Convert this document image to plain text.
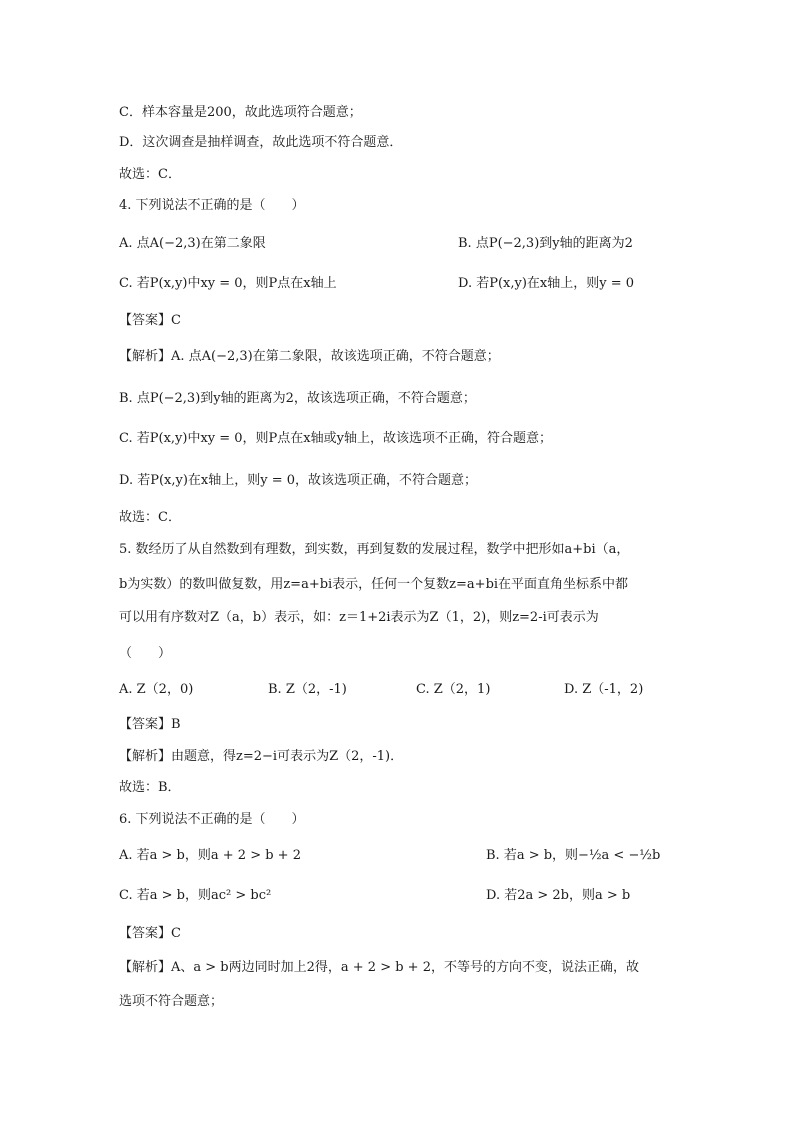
C．样本容量是200，故此选项符合题意；
D．这次调查是抽样调查，故此选项不符合题意．
故选：C．
4. 下列说法不正确的是（　　）
A. 点A(−2,3)在第二象限	B. 点P(−2,3)到y轴的距离为2
C. 若P(x,y)中xy = 0，则P点在x轴上	D. 若P(x,y)在x轴上，则y = 0
【答案】C
【解析】A. 点A(−2,3)在第二象限，故该选项正确，不符合题意；
B. 点P(−2,3)到y轴的距离为2，故该选项正确，不符合题意；
C. 若P(x,y)中xy = 0，则P点在x轴或y轴上，故该选项不正确，符合题意；
D. 若P(x,y)在x轴上，则y = 0，故该选项正确，不符合题意；
故选：C．
5. 数经历了从自然数到有理数，到实数，再到复数的发展过程，数学中把形如a+bi（a，
b为实数）的数叫做复数，用z=a+bi表示，任何一个复数z=a+bi在平面直角坐标系中都
可以用有序数对Z（a，b）表示，如：z＝1+2i表示为Z（1，2)，则z=2-i可表示为
（　　）
A. Z（2，0)	B. Z（2，-1)	C. Z（2，1)	D. Z（-1，2)
【答案】B
【解析】由题意，得z=2−i可表示为Z（2，-1)．
故选：B．
6. 下列说法不正确的是（　　）
A. 若a > b，则a + 2 > b + 2	B. 若a > b，则−½a < −½b
C. 若a > b，则ac² > bc²	D. 若2a > 2b，则a > b
【答案】C
【解析】A、a > b两边同时加上2得，a + 2 > b + 2，不等号的方向不变，说法正确，故
选项不符合题意；
